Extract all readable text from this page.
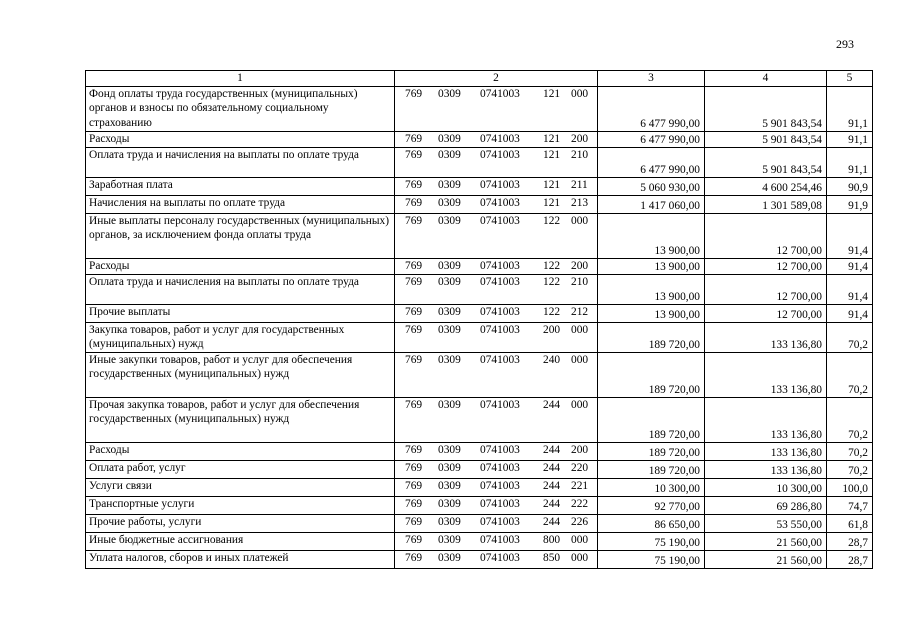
293
1	2	3	4	5
Фонд оплаты труда государственных (муниципальных) органов и взносы по обязательному социальному страхованию	769 0309 0741003 121 000	6 477 990,00	5 901 843,54	91,1
Расходы	769 0309 0741003 121 200	6 477 990,00	5 901 843,54	91,1
Оплата труда и начисления на выплаты по оплате труда	769 0309 0741003 121 210	6 477 990,00	5 901 843,54	91,1
Заработная плата	769 0309 0741003 121 211	5 060 930,00	4 600 254,46	90,9
Начисления на выплаты по оплате труда	769 0309 0741003 121 213	1 417 060,00	1 301 589,08	91,9
Иные выплаты персоналу государственных (муниципальных) органов, за исключением фонда оплаты труда	769 0309 0741003 122 000	13 900,00	12 700,00	91,4
Расходы	769 0309 0741003 122 200	13 900,00	12 700,00	91,4
Оплата труда и начисления на выплаты по оплате труда	769 0309 0741003 122 210	13 900,00	12 700,00	91,4
Прочие выплаты	769 0309 0741003 122 212	13 900,00	12 700,00	91,4
Закупка товаров, работ и услуг для государственных (муниципальных) нужд	769 0309 0741003 200 000	189 720,00	133 136,80	70,2
Иные закупки товаров, работ и услуг для обеспечения государственных (муниципальных) нужд	769 0309 0741003 240 000	189 720,00	133 136,80	70,2
Прочая закупка товаров, работ и услуг для обеспечения государственных (муниципальных) нужд	769 0309 0741003 244 000	189 720,00	133 136,80	70,2
Расходы	769 0309 0741003 244 200	189 720,00	133 136,80	70,2
Оплата работ, услуг	769 0309 0741003 244 220	189 720,00	133 136,80	70,2
Услуги связи	769 0309 0741003 244 221	10 300,00	10 300,00	100,0
Транспортные услуги	769 0309 0741003 244 222	92 770,00	69 286,80	74,7
Прочие работы, услуги	769 0309 0741003 244 226	86 650,00	53 550,00	61,8
Иные бюджетные ассигнования	769 0309 0741003 800 000	75 190,00	21 560,00	28,7
Уплата налогов, сборов и иных платежей	769 0309 0741003 850 000	75 190,00	21 560,00	28,7
